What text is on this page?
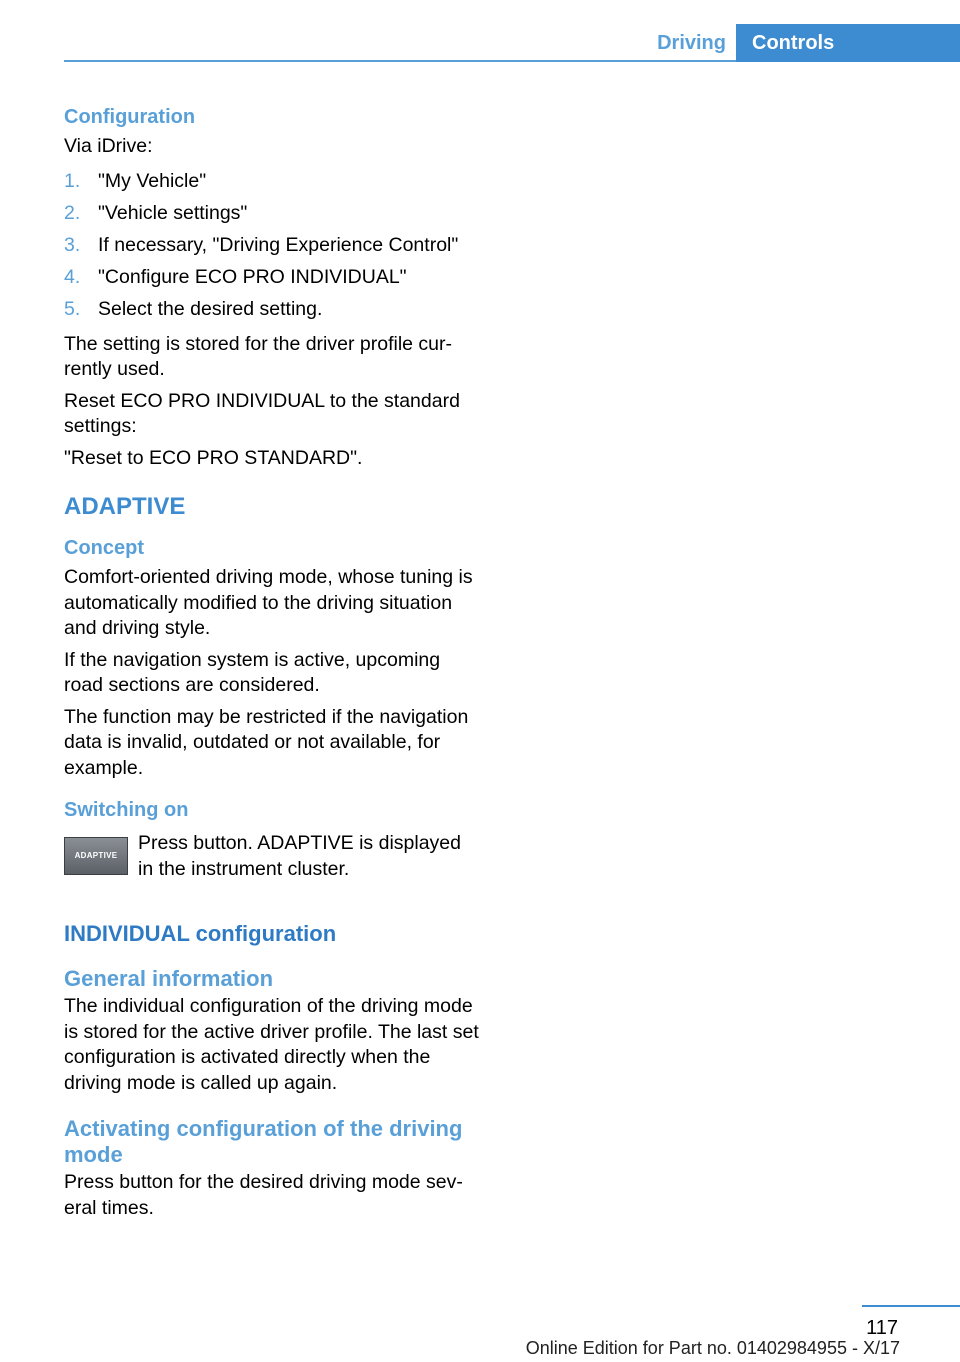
Driving	Controls
Configuration

Via iDrive:

1. "My Vehicle"
2. "Vehicle settings"
3. If necessary, "Driving Experience Control"
4. "Configure ECO PRO INDIVIDUAL"
5. Select the desired setting.

The setting is stored for the driver profile currently used.

Reset ECO PRO INDIVIDUAL to the standard settings:

"Reset to ECO PRO STANDARD".

ADAPTIVE
Concept

Comfort-oriented driving mode, whose tuning is automatically modified to the driving situation and driving style.

If the navigation system is active, upcoming road sections are considered.

The function may be restricted if the navigation data is invalid, outdated or not available, for example.

Switching on
ADAPTIVE

Press button. ADAPTIVE is displayed in the instrument cluster.

INDIVIDUAL configuration
General information

The individual configuration of the driving mode is stored for the active driver profile. The last set configuration is activated directly when the driving mode is called up again.

Activating configuration of the driving mode

Press button for the desired driving mode several times.

117
Online Edition for Part no. 01402984955 - X/17
